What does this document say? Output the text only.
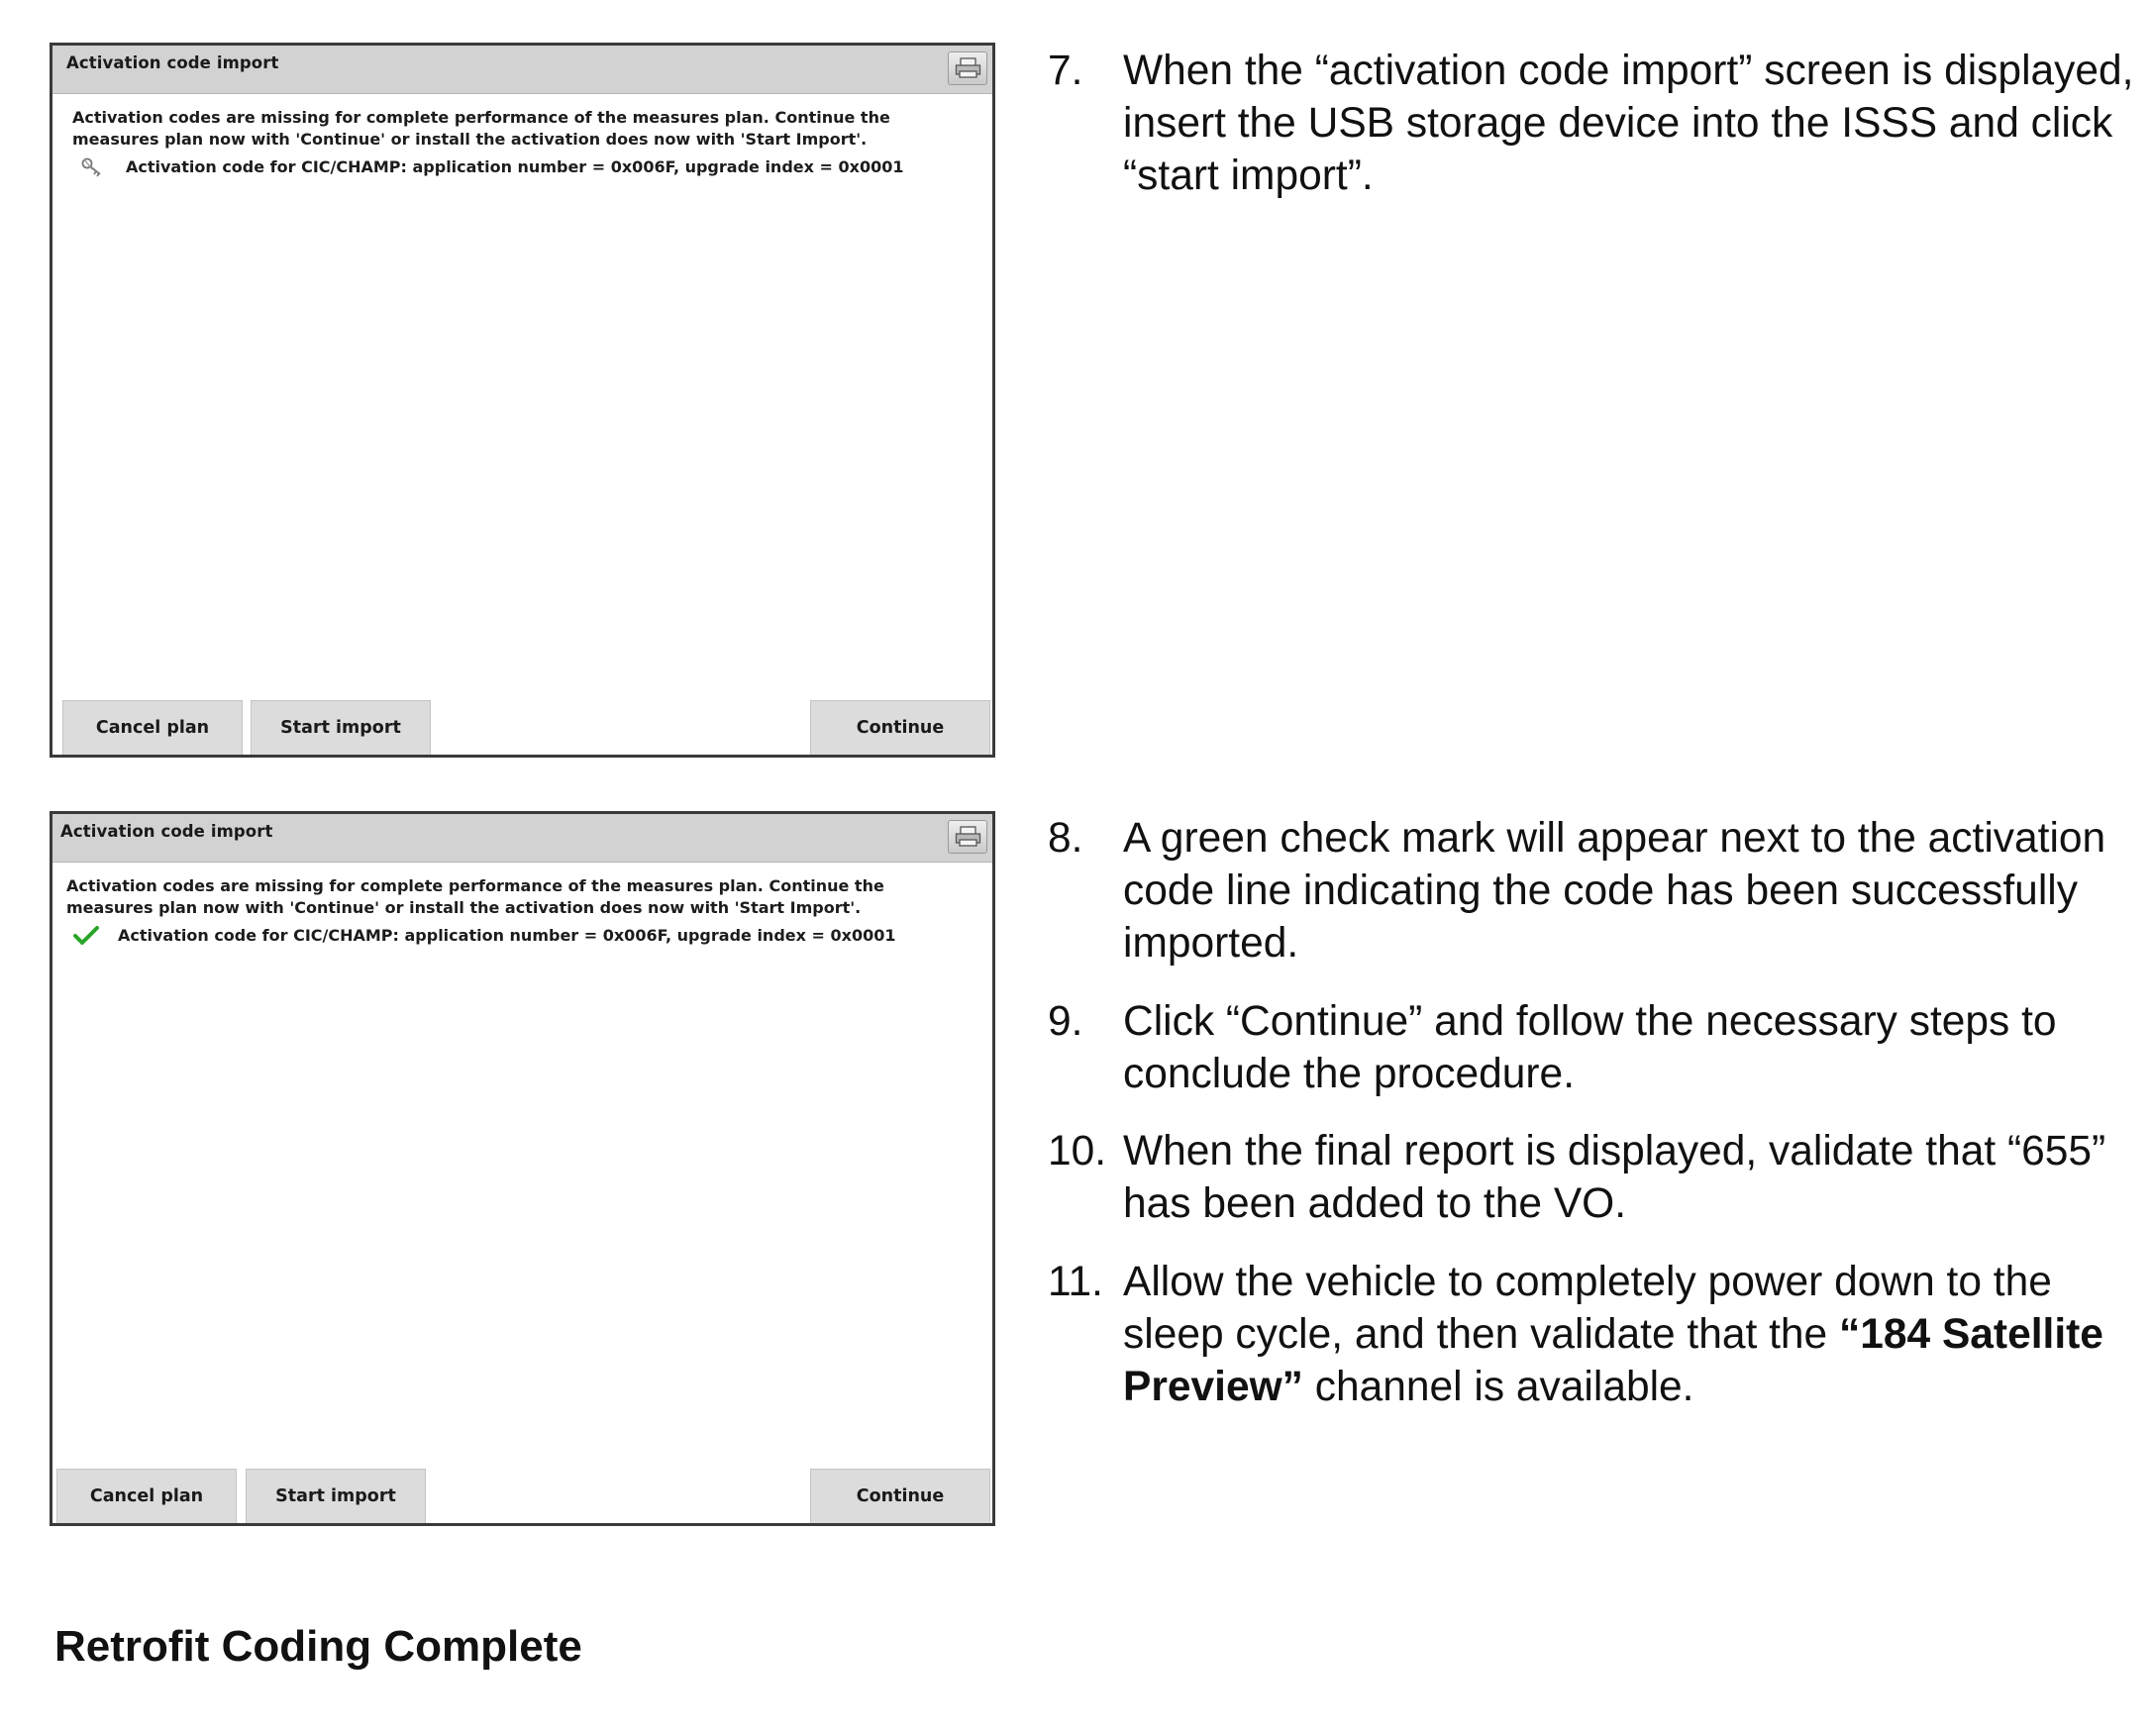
Activation code import

Activation codes are missing for complete performance of the measures plan. Continue the measures plan now with 'Continue' or install the activation does now with 'Start Import'.

Activation code for CIC/CHAMP: application number = 0x006F, upgrade index = 0x0001
Cancel plan	Start import	Continue
Activation code import

Activation codes are missing for complete performance of the measures plan. Continue the measures plan now with 'Continue' or install the activation does now with 'Start Import'.

Activation code for CIC/CHAMP: application number = 0x006F, upgrade index = 0x0001
Cancel plan	Start import	Continue
7. When the “activation code import” screen is displayed, insert the USB storage device into the ISSS and click “start import”.
8. A green check mark will appear next to the activation code line indicating the code has been successfully imported.
9. Click “Continue” and follow the necessary steps to conclude the procedure.
10. When the final report is displayed, validate that “655” has been added to the VO.
11. Allow the vehicle to completely power down to the sleep cycle, and then validate that the “184 Satellite Preview” channel is available.
Retrofit Coding Complete
